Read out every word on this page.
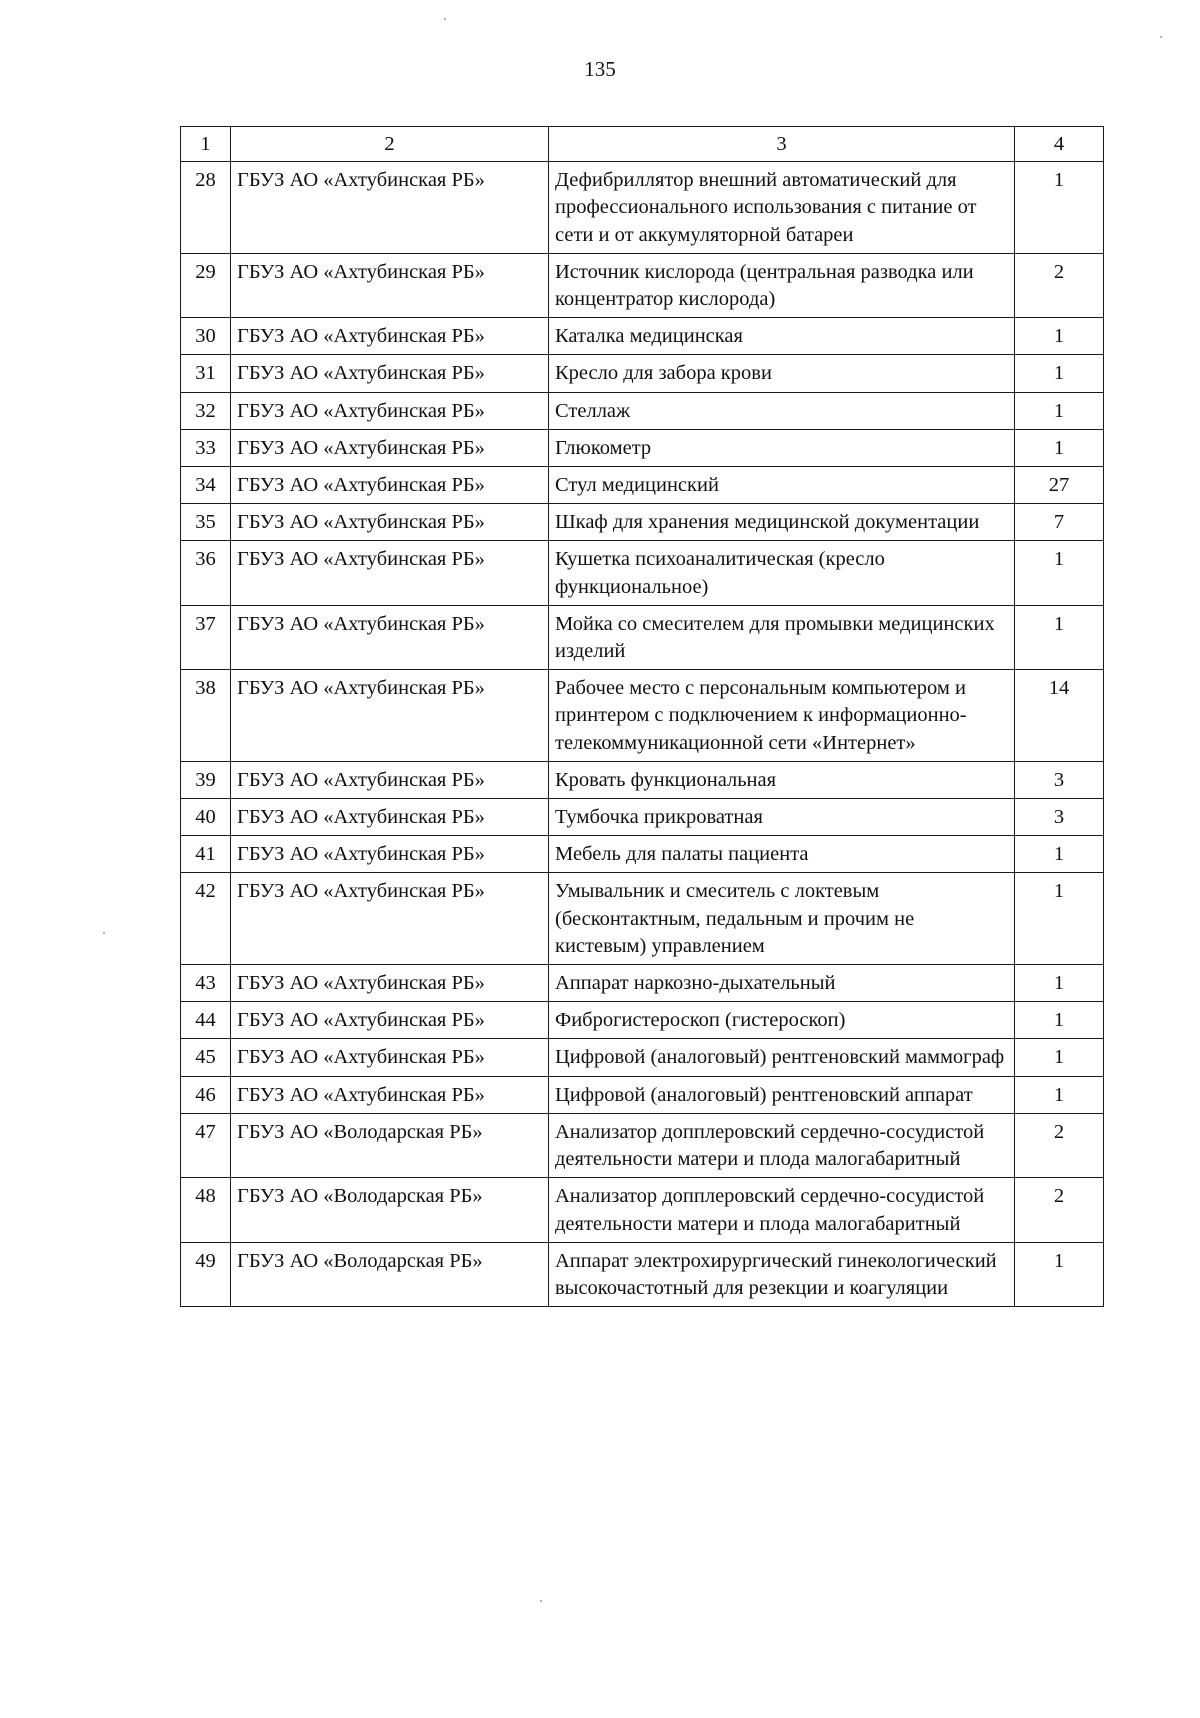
135
1	2	3	4
28	ГБУЗ АО «Ахтубинская РБ»	Дефибриллятор внешний автоматический для профессионального использования с питание от сети и от аккумуляторной батареи	1
29	ГБУЗ АО «Ахтубинская РБ»	Источник кислорода (центральная разводка или концентратор кислорода)	2
30	ГБУЗ АО «Ахтубинская РБ»	Каталка медицинская	1
31	ГБУЗ АО «Ахтубинская РБ»	Кресло для забора крови	1
32	ГБУЗ АО «Ахтубинская РБ»	Стеллаж	1
33	ГБУЗ АО «Ахтубинская РБ»	Глюкометр	1
34	ГБУЗ АО «Ахтубинская РБ»	Стул медицинский	27
35	ГБУЗ АО «Ахтубинская РБ»	Шкаф для хранения медицинской документации	7
36	ГБУЗ АО «Ахтубинская РБ»	Кушетка психоаналитическая (кресло функциональное)	1
37	ГБУЗ АО «Ахтубинская РБ»	Мойка со смесителем для промывки медицинских изделий	1
38	ГБУЗ АО «Ахтубинская РБ»	Рабочее место с персональным компьютером и принтером с подключением к информационно-телекоммуникационной сети «Интернет»	14
39	ГБУЗ АО «Ахтубинская РБ»	Кровать функциональная	3
40	ГБУЗ АО «Ахтубинская РБ»	Тумбочка прикроватная	3
41	ГБУЗ АО «Ахтубинская РБ»	Мебель для палаты пациента	1
42	ГБУЗ АО «Ахтубинская РБ»	Умывальник и смеситель с локтевым (бесконтактным, педальным и прочим не кистевым) управлением	1
43	ГБУЗ АО «Ахтубинская РБ»	Аппарат наркозно-дыхательный	1
44	ГБУЗ АО «Ахтубинская РБ»	Фиброгистероскоп (гистероскоп)	1
45	ГБУЗ АО «Ахтубинская РБ»	Цифровой (аналоговый) рентгеновский маммограф	1
46	ГБУЗ АО «Ахтубинская РБ»	Цифровой (аналоговый) рентгеновский аппарат	1
47	ГБУЗ АО «Володарская РБ»	Анализатор допплеровский сердечно-сосудистой деятельности матери и плода малогабаритный	2
48	ГБУЗ АО «Володарская РБ»	Анализатор допплеровский сердечно-сосудистой деятельности матери и плода малогабаритный	2
49	ГБУЗ АО «Володарская РБ»	Аппарат электрохирургический гинекологический высокочастотный для резекции и коагуляции	1
